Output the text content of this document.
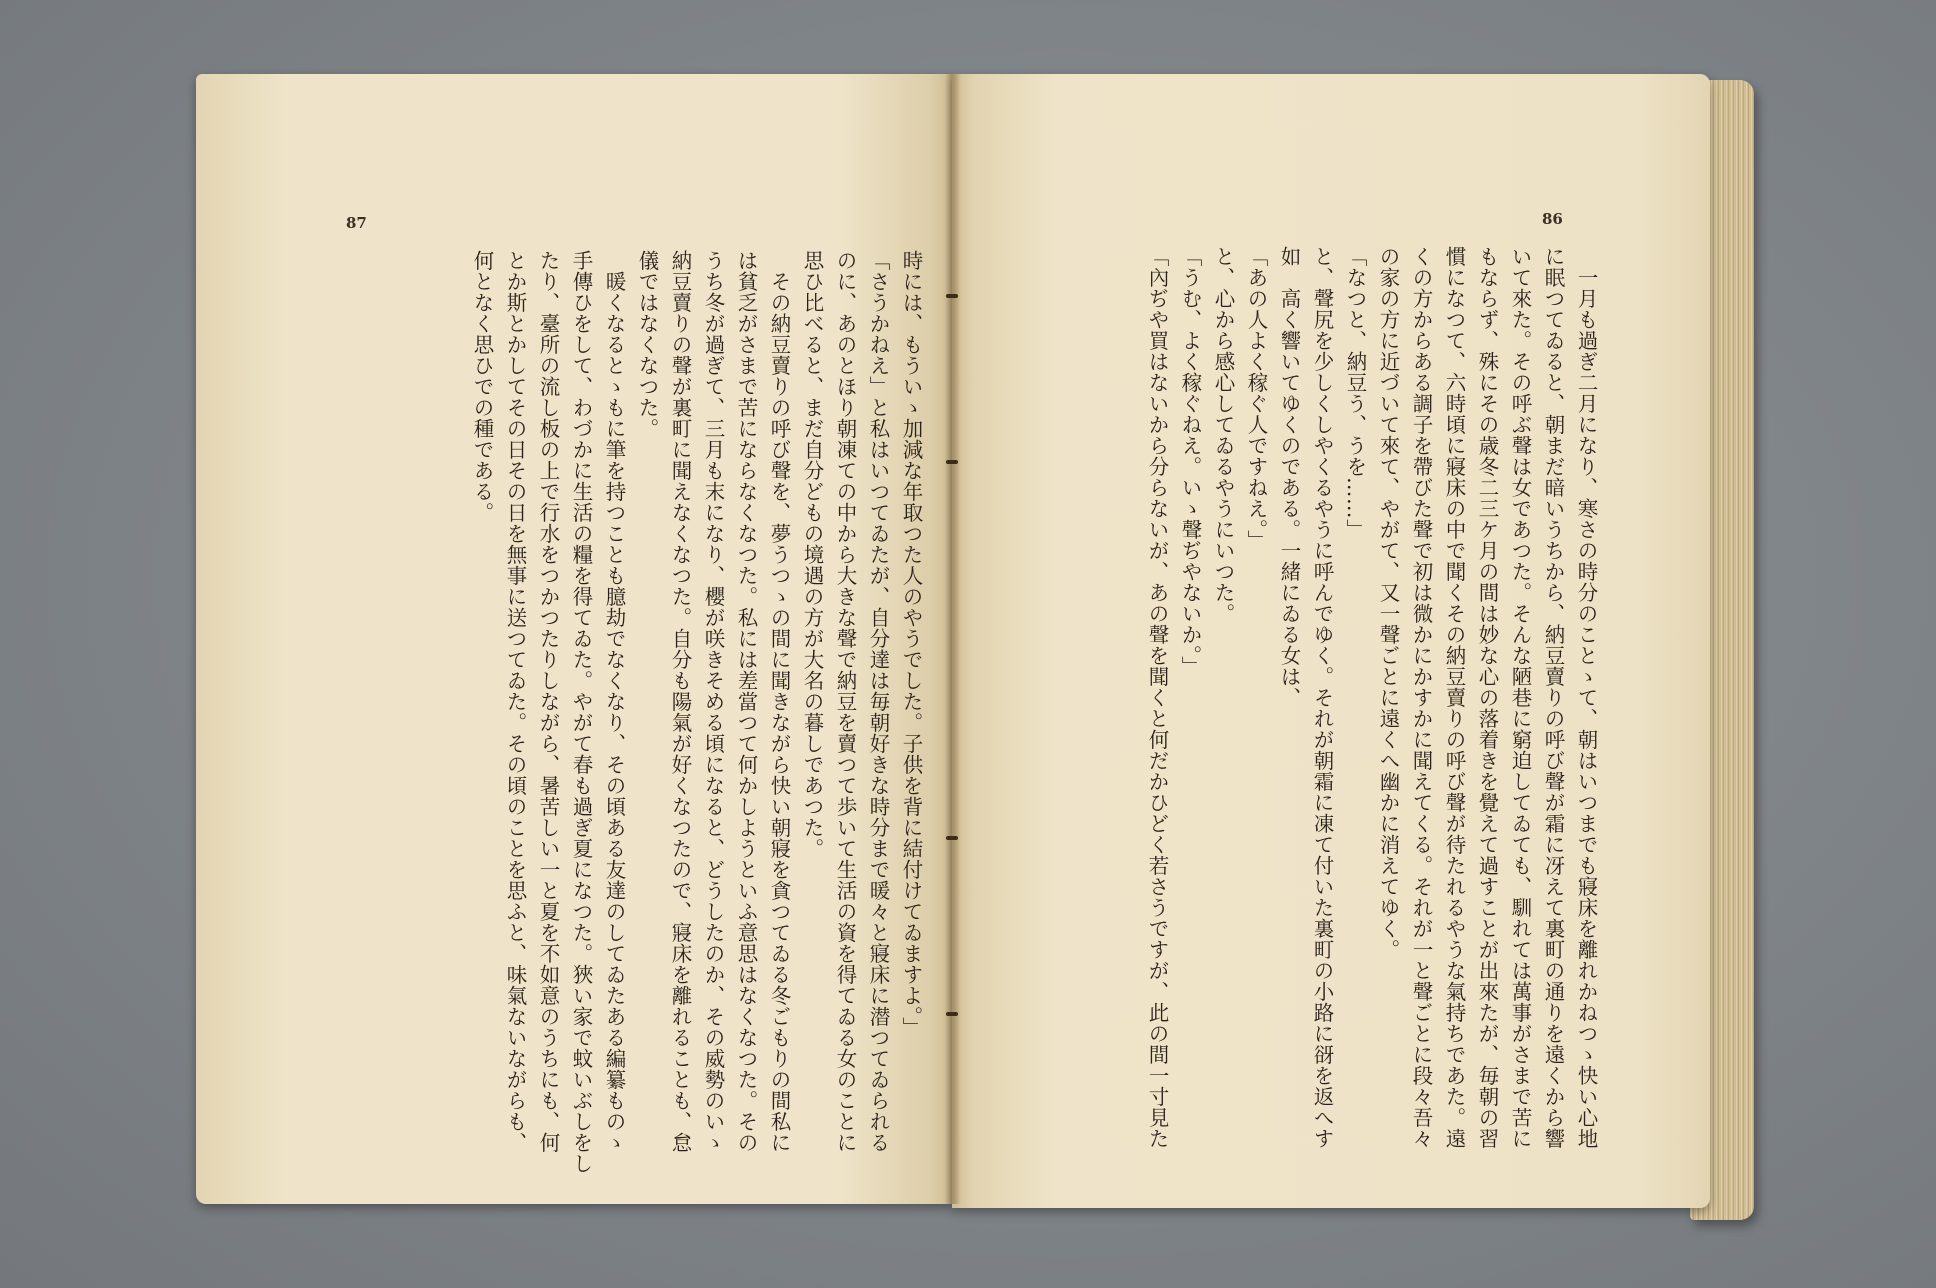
87
時には、もういゝ加減な年取つた人のやうでした。子供を背に結付けてゐますよ。」
「さうかねえ」と私はいつてゐたが、自分達は毎朝好きな時分まで暖々と寢床に潜つてゐられる
のに、あのとほり朝凍ての中から大きな聲で納豆を賣つて歩いて生活の資を得てゐる女のことに
思ひ比べると、まだ自分どもの境遇の方が大名の暮しであつた。
　その納豆賣りの呼び聲を、夢うつゝの間に聞きながら快い朝寢を貪つてゐる冬ごもりの間私に
は貧乏がさまで苦にならなくなつた。私には差當つて何かしようといふ意思はなくなつた。その
うち冬が過ぎて、三月も末になり、櫻が咲きそめる頃になると、どうしたのか、その威勢のいゝ
納豆賣りの聲が裏町に聞えなくなつた。自分も陽氣が好くなつたので、寢床を離れることも、怠
儀ではなくなつた。
　暖くなるとゝもに筆を持つことも臆劫でなくなり、その頃ある友達のしてゐたある編纂ものゝ
手傳ひをして、わづかに生活の糧を得てゐた。やがて春も過ぎ夏になつた。狹い家で蚊いぶしをし
たり、臺所の流し板の上で行水をつかつたりしながら、暑苦しい一と夏を不如意のうちにも、何
とか斯とかしてその日その日を無事に送つてゐた。その頃のことを思ふと、味氣ないながらも、
何となく思ひでの種である。
86
　一月も過ぎ二月になり、寒さの時分のことゝて、朝はいつまでも寢床を離れかねつゝ快い心地
に眠つてゐると、朝まだ暗いうちから、納豆賣りの呼び聲が霜に冴えて裏町の通りを遠くから響
いて來た。その呼ぶ聲は女であつた。そんな陋巷に窮迫してゐても、馴れては萬事がさまで苦に
もならず、殊にその歳冬二三ケ月の間は妙な心の落着きを覺えて過すことが出來たが、毎朝の習
慣になつて、六時頃に寢床の中で聞くその納豆賣りの呼び聲が待たれるやうな氣持ちであた。遠
くの方からある調子を帶びた聲で初は微かにかすかに聞えてくる。それが一と聲ごとに段々吾々
の家の方に近づいて來て、やがて、又一聲ごとに遠くへ幽かに消えてゆく。
「なつと、納豆う、うを……」
と、聲尻を少しくしやくるやうに呼んでゆく。それが朝霜に凍て付いた裏町の小路に谺を返へす
如　高く響いてゆくのである。一緒にゐる女は、
「あの人よく稼ぐ人ですねえ。」
と、心から感心してゐるやうにいつた。
「うむ、よく稼ぐねえ。いゝ聲ぢやないか。」
「內ぢや買はないから分らないが、あの聲を聞くと何だかひどく若さうですが、此の間一寸見た
